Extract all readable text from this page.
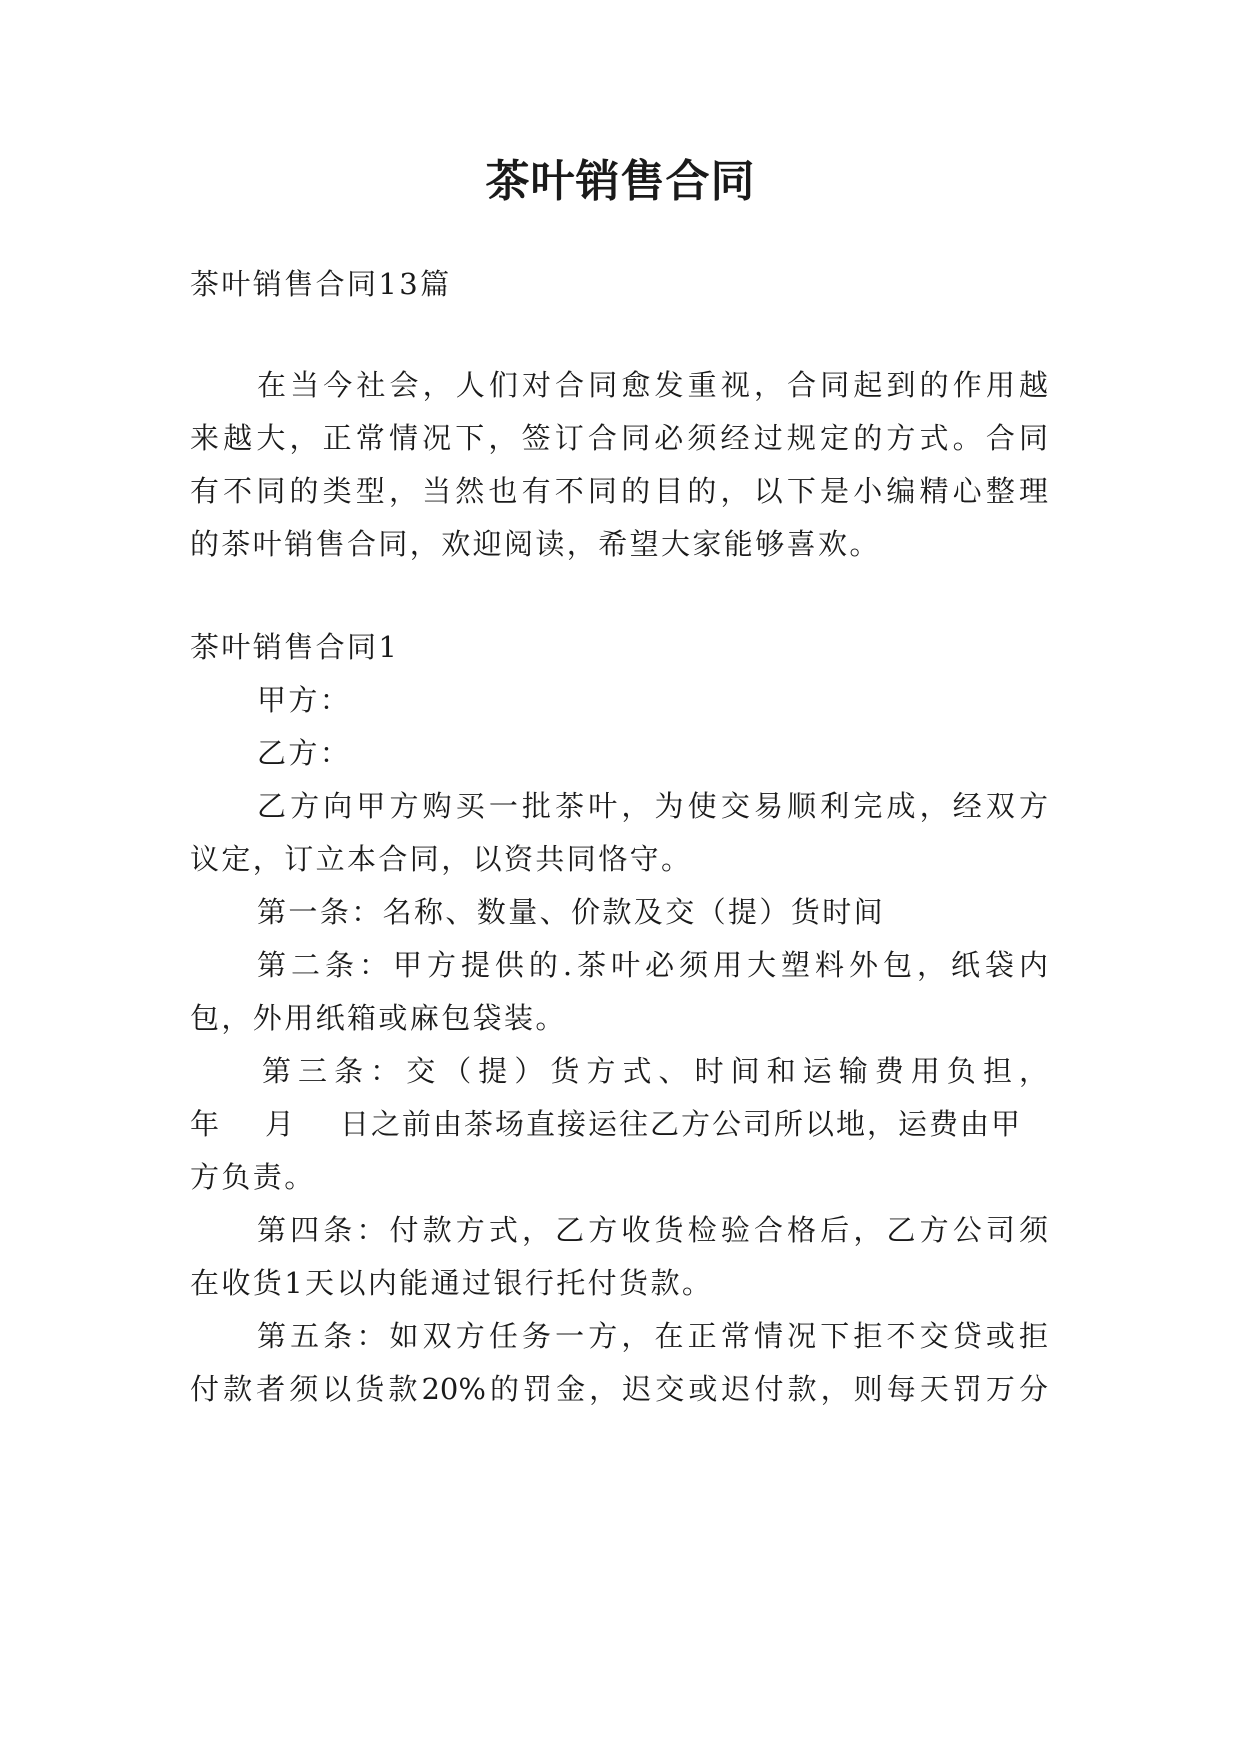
茶叶销售合同
茶叶销售合同13篇
在当今社会，人们对合同愈发重视，合同起到的作用越
来越大，正常情况下，签订合同必须经过规定的方式。合同
有不同的类型，当然也有不同的目的，以下是小编精心整理
的茶叶销售合同，欢迎阅读，希望大家能够喜欢。
茶叶销售合同1
甲方：
乙方：
乙方向甲方购买一批茶叶，为使交易顺利完成，经双方
议定，订立本合同，以资共同恪守。
第一条：名称、数量、价款及交（提）货时间
第二条：甲方提供的.茶叶必须用大塑料外包，纸袋内
包，外用纸箱或麻包袋装。
第三条：交（提）货方式、时间和运输费用负担，
年 月 日之前由茶场直接运往乙方公司所以地，运费由甲
方负责。
第四条：付款方式，乙方收货检验合格后，乙方公司须
在收货1天以内能通过银行托付货款。
第五条：如双方任务一方，在正常情况下拒不交贷或拒
付款者须以货款20%的罚金，迟交或迟付款，则每天罚万分
